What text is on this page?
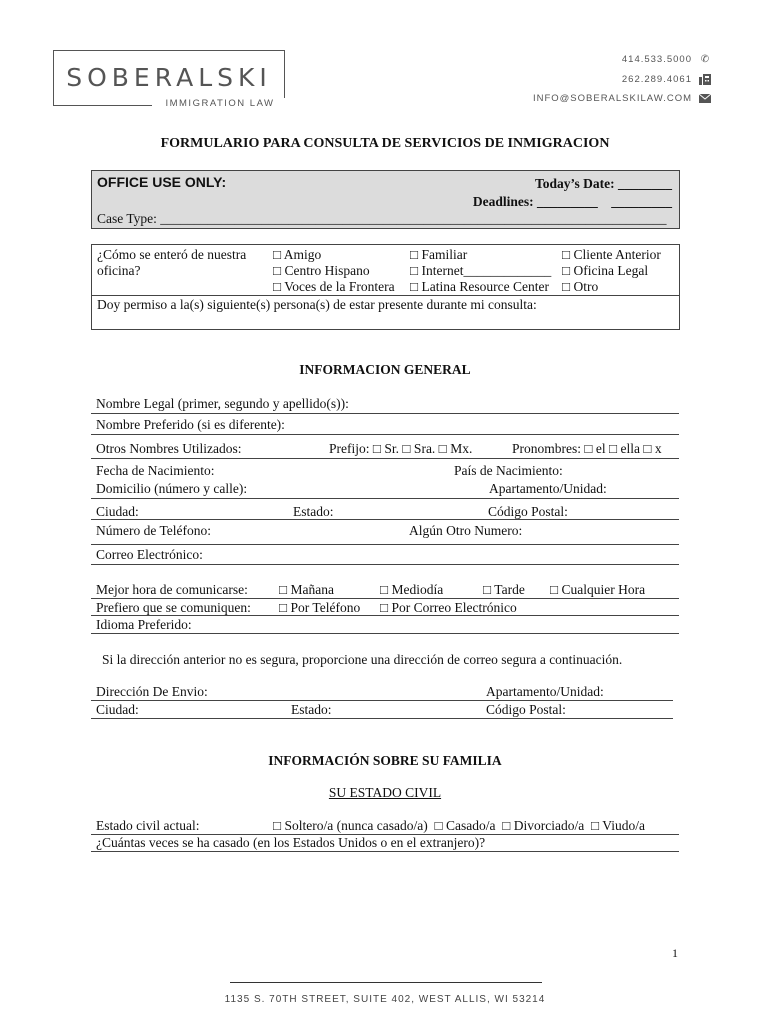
SOBERALSKI
IMMIGRATION LAW
414.533.5000 ✆
262.289.4061
INFO@SOBERALSKILAW.COM
FORMULARIO PARA CONSULTA DE SERVICIOS DE INMIGRACION
OFFICE USE ONLY:	Today’s Date: ________
Deadlines: _________    _________
Case Type: ___________________________________________________________________________
¿Cómo se enteró de nuestra
oficina?
□ Amigo	□ Familiar	□ Cliente Anterior
□ Centro Hispano	□ Internet_____________ □ Oficina Legal
□ Voces de la Frontera □ Latina Resource Center □ Otro
Doy permiso a la(s) siguiente(s) persona(s) de estar presente durante mi consulta:
INFORMACION GENERAL
Nombre Legal (primer, segundo y apellido(s)):
Nombre Preferido (si es diferente):
Otros Nombres Utilizados:	Prefijo: □ Sr. □ Sra. □ Mx.	Pronombres: □ el □ ella □ x
Fecha de Nacimiento:	País de Nacimiento:
Domicilio (número y calle):	Apartamento/Unidad:
Ciudad:	Estado:	Código Postal:
Número de Teléfono:	Algún Otro Numero:
Correo Electrónico:
Mejor hora de comunicarse: □ Mañana	□ Mediodía	□ Tarde □ Cualquier Hora
Prefiero que se comuniquen: □ Por Teléfono □ Por Correo Electrónico
Idioma Preferido:
Si la dirección anterior no es segura, proporcione una dirección de correo segura a continuación.
Dirección De Envio:	Apartamento/Unidad:
Ciudad:	Estado:	Código Postal:
INFORMACIÓN SOBRE SU FAMILIA
SU ESTADO CIVIL
Estado civil actual:	□ Soltero/a (nunca casado/a)  □ Casado/a  □ Divorciado/a  □ Viudo/a
¿Cuántas veces se ha casado (en los Estados Unidos o en el extranjero)?
1
1135 S. 70TH STREET, SUITE 402, WEST ALLIS, WI 53214
